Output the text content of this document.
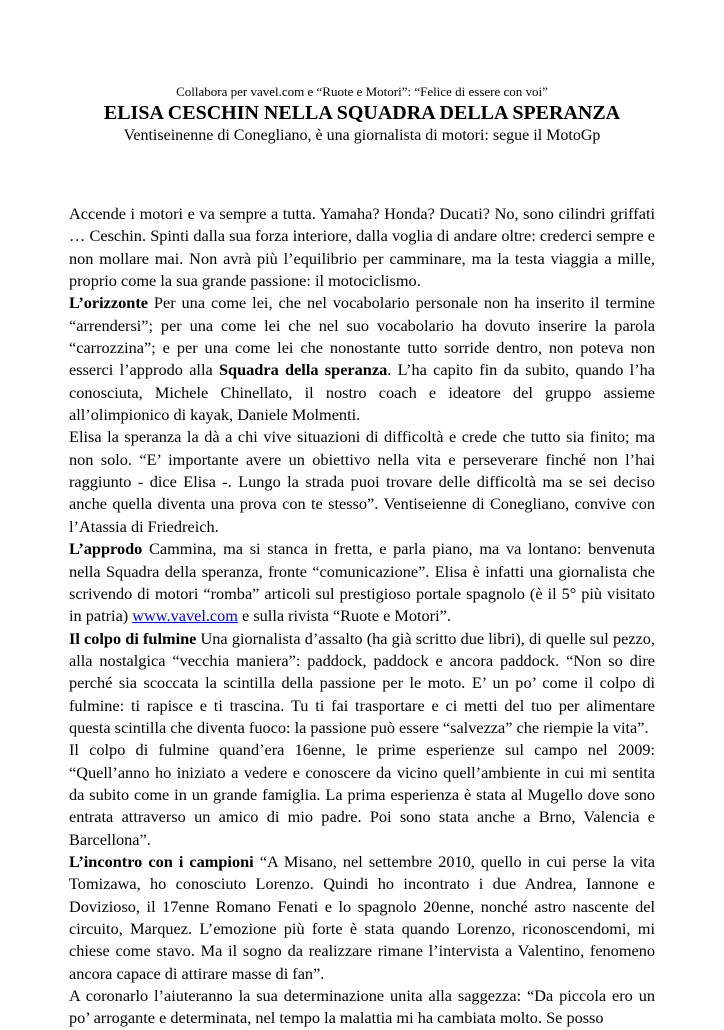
Collabora per vavel.com e “Ruote e Motori”: “Felice di essere con voi”
ELISA CESCHIN NELLA SQUADRA DELLA SPERANZA
Ventiseinenne di Conegliano, è una giornalista di motori: segue il MotoGp

Accende i motori e va sempre a tutta. Yamaha? Honda? Ducati? No, sono cilindri griffati … Ceschin. Spinti dalla sua forza interiore, dalla voglia di andare oltre: crederci sempre e non mollare mai. Non avrà più l’equilibrio per camminare, ma la testa viaggia a mille, proprio come la sua grande passione: il motociclismo.

L’orizzonte Per una come lei, che nel vocabolario personale non ha inserito il termine “arrendersi”; per una come lei che nel suo vocabolario ha dovuto inserire la parola “carrozzina”; e per una come lei che nonostante tutto sorride dentro, non poteva non esserci l’approdo alla Squadra della speranza. L’ha capito fin da subito, quando l’ha conosciuta, Michele Chinellato, il nostro coach e ideatore del gruppo assieme all’olimpionico di kayak, Daniele Molmenti.

Elisa la speranza la dà a chi vive situazioni di difficoltà e crede che tutto sia finito; ma non solo. “E’ importante avere un obiettivo nella vita e perseverare finché non l’hai raggiunto - dice Elisa -. Lungo la strada puoi trovare delle difficoltà ma se sei deciso anche quella diventa una prova con te stesso”. Ventiseienne di Conegliano, convive con l’Atassia di Friedreich.

L’approdo Cammina, ma si stanca in fretta, e parla piano, ma va lontano: benvenuta nella Squadra della speranza, fronte “comunicazione”. Elisa è infatti una giornalista che scrivendo di motori “romba” articoli sul prestigioso portale spagnolo (è il 5° più visitato in patria) www.vavel.com e sulla rivista “Ruote e Motori”.

Il colpo di fulmine Una giornalista d’assalto (ha già scritto due libri), di quelle sul pezzo, alla nostalgica “vecchia maniera”: paddock, paddock e ancora paddock. “Non so dire perché sia scoccata la scintilla della passione per le moto. E’ un po’ come il colpo di fulmine: ti rapisce e ti trascina. Tu ti fai trasportare e ci metti del tuo per alimentare questa scintilla che diventa fuoco: la passione può essere “salvezza” che riempie la vita”.

Il colpo di fulmine quand’era 16enne, le prime esperienze sul campo nel 2009: “Quell’anno ho iniziato a vedere e conoscere da vicino quell’ambiente in cui mi sentita da subito come in un grande famiglia. La prima esperienza è stata al Mugello dove sono entrata attraverso un amico di mio padre. Poi sono stata anche a Brno, Valencia e Barcellona”.

L’incontro con i campioni “A Misano, nel settembre 2010, quello in cui perse la vita Tomizawa, ho conosciuto Lorenzo. Quindi ho incontrato i due Andrea, Iannone e Dovizioso, il 17enne Romano Fenati e lo spagnolo 20enne, nonché astro nascente del circuito, Marquez. L’emozione più forte è stata quando Lorenzo, riconoscendomi, mi chiese come stavo. Ma il sogno da realizzare rimane l’intervista a Valentino, fenomeno ancora capace di attirare masse di fan”.

A coronarlo l’aiuteranno la sua determinazione unita alla saggezza: “Da piccola ero un po’ arrogante e determinata, nel tempo la malattia mi ha cambiata molto. Se posso
